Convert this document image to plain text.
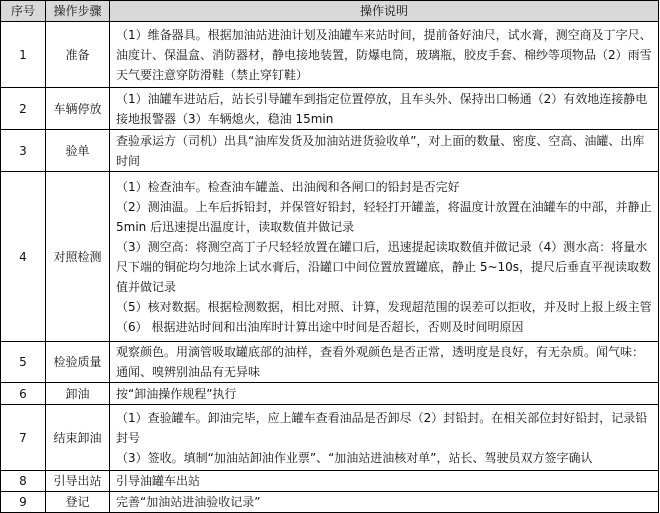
序号	操作步骤	操作说明
1	准备	（1）维备器具。根据加油站进油计划及油罐车来站时间，提前备好油尺，试水膏，测空商及丁字尺、油度计、保温盒、消防器材，静电接地装置，防爆电筒，玻璃瓶，胶皮手套、棉纱等项物品（2）雨雪天气要注意穿防滑鞋（禁止穿钉鞋）

2	车辆停放	（1）油罐车进站后，站长引导罐车到指定位置停放，且车头外、保持出口畅通（2）有效地连接静电接地报警器（3）车辆熄火，稳油 15min

3	验单	查验承运方（司机）出具“油库发货及加油站进货验收单”，对上面的数量、密度、空高、油罐、出库时间

4	对照检测	（1）检查油车。检查油车罐盖、出油阀和各闸口的铅封是否完好

（2）测油温。上车后拆铅封，并保管好铅封，轻轻打开罐盖，将温度计放置在油罐车的中部，并静止 5min 后迅速提出温度计，读取数值并做记录

（3）测空高：将测空高丁子尺轻轻放置在罐口后，迅速提起读取数值并做记录（4）测水高：将量水尺下端的铜砣均匀地涂上试水膏后，沿罐口中间位置放置罐底，静止 5~10s，提尺后垂直平视读取数值并做记录

（5）核对数据。根据检测数据，相比对照、计算，发现超范围的误差可以拒收，并及时上报上级主管

（6） 根据进站时间和出油库时计算出途中时间是否超长，否则及时间明原因

5	检验质量	观察颜色。用滴管吸取罐底部的油样，查看外观颜色是否正常，透明度是良好，有无杂质。闻气味：通闻、嗅辨别油品有无异味

6	卸油	按“卸油操作规程”执行

7	结束卸油	（1）查验罐车。卸油完毕，应上罐车查看油品是否卸尽（2）封铅封。在相关部位封好铅封，记录铅封号

（3）签收。填制“加油站卸油作业票”、“加油站进油核对单”，站长、驾驶员双方签字确认

8	引导出站	引导油罐车出站

9	登记	完善“加油站进油验收记录”
